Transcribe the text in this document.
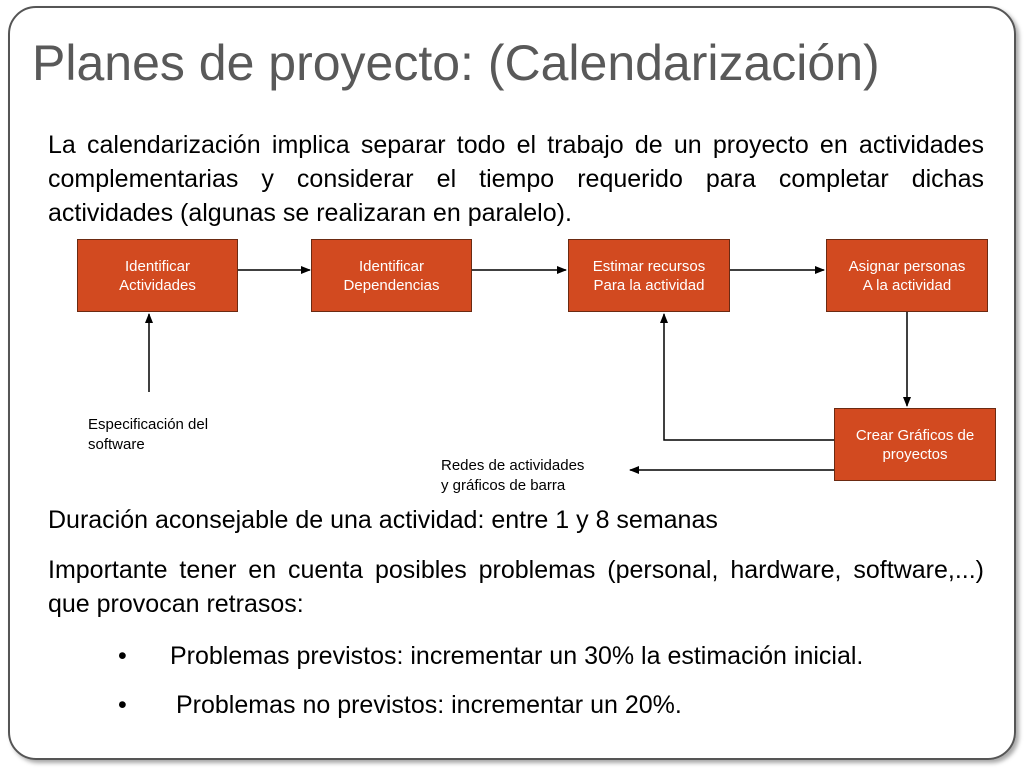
Planes de proyecto: (Calendarización)
La calendarización implica separar todo el trabajo de un proyecto en actividades complementarias y considerar el tiempo requerido para completar dichas actividades (algunas se realizaran en paralelo).
Identificar
Actividades
Identificar
Dependencias
Estimar recursos
Para la actividad
Asignar personas
A la actividad
Crear Gráficos de
proyectos
Especificación del
software
Redes de actividades
y gráficos de barra
Duración aconsejable de una actividad: entre 1 y 8 semanas
Importante tener en cuenta posibles problemas (personal, hardware, software,...) que provocan retrasos:
• Problemas previstos: incrementar un 30% la estimación inicial.
• Problemas no previstos: incrementar un 20%.
